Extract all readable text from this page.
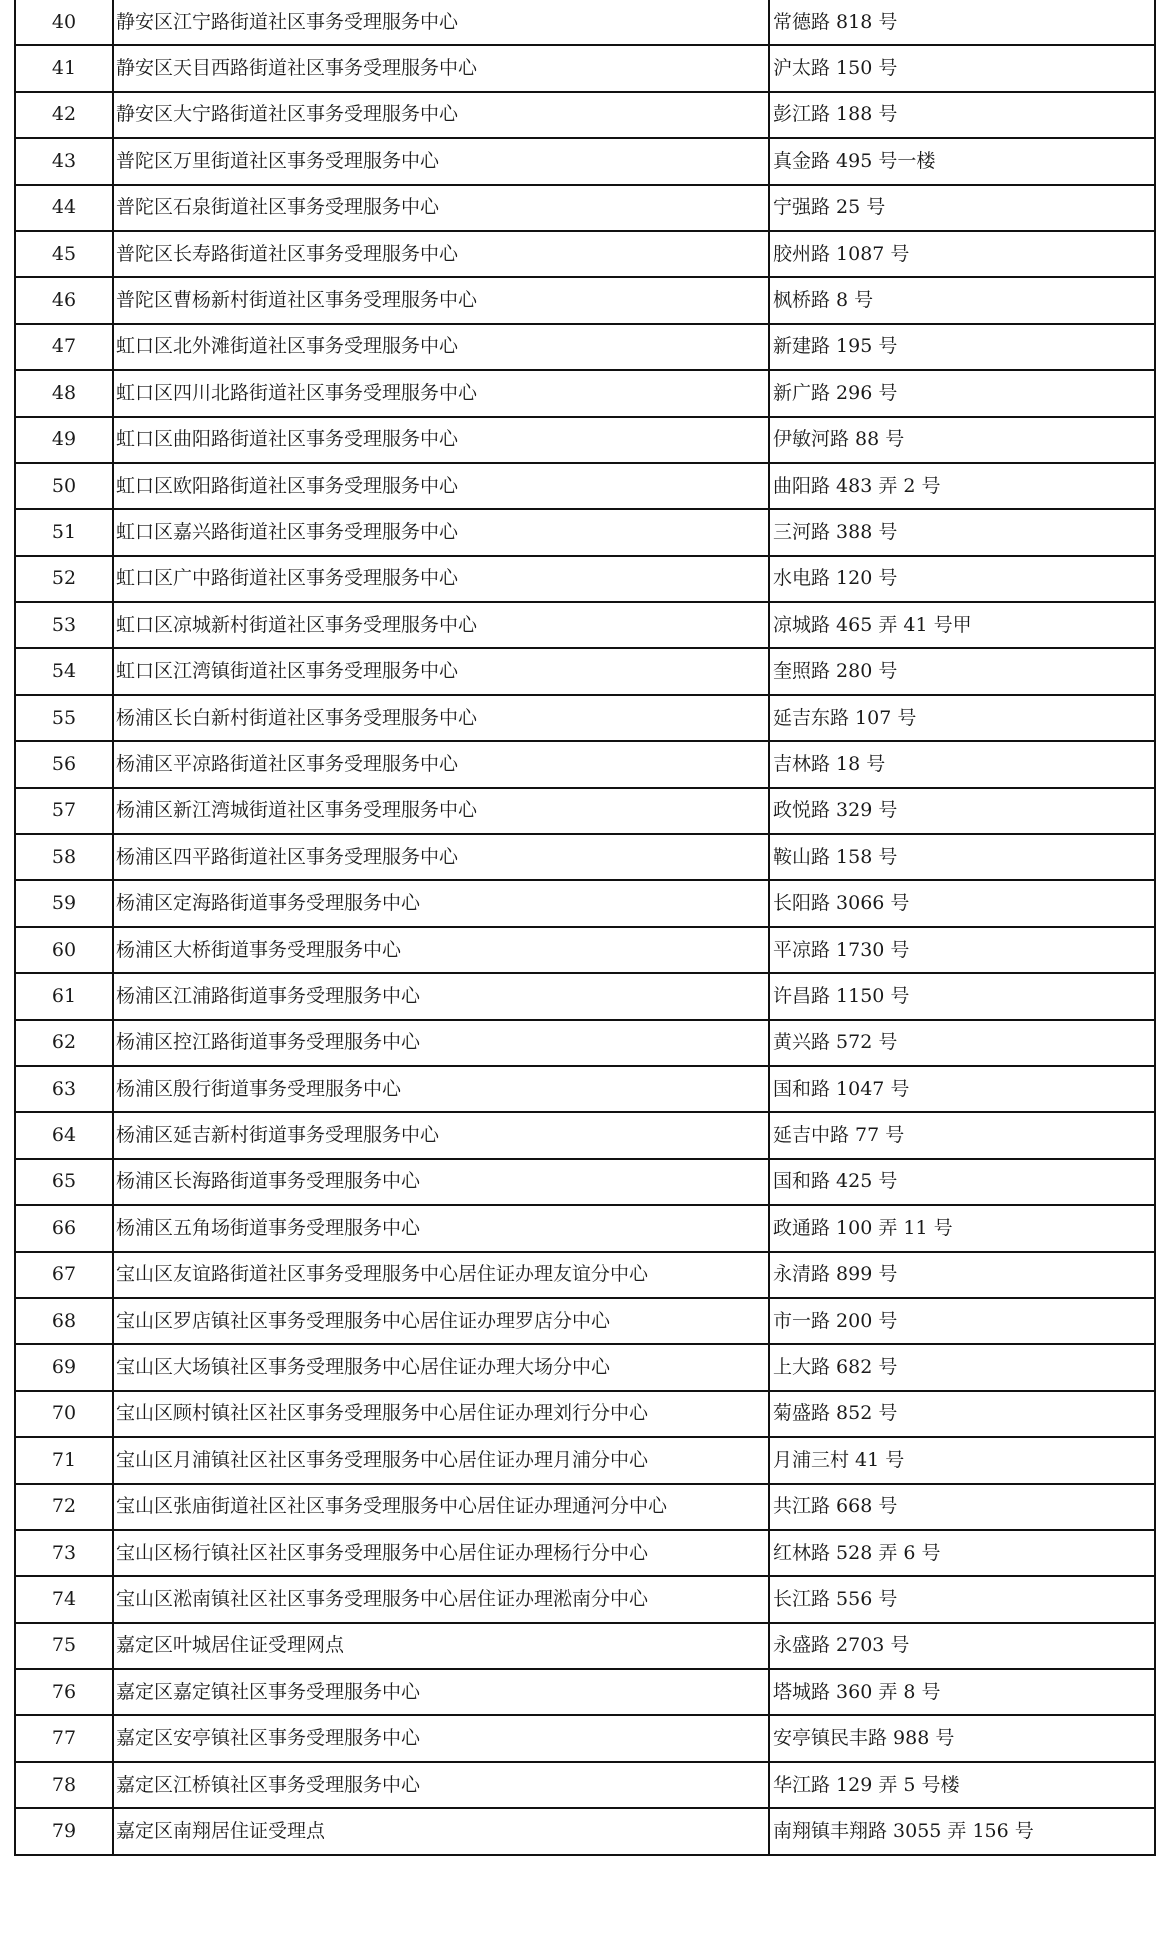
40	静安区江宁路街道社区事务受理服务中心	常德路 818 号
41	静安区天目西路街道社区事务受理服务中心	沪太路 150 号
42	静安区大宁路街道社区事务受理服务中心	彭江路 188 号
43	普陀区万里街道社区事务受理服务中心	真金路 495 号一楼
44	普陀区石泉街道社区事务受理服务中心	宁强路 25 号
45	普陀区长寿路街道社区事务受理服务中心	胶州路 1087 号
46	普陀区曹杨新村街道社区事务受理服务中心	枫桥路 8 号
47	虹口区北外滩街道社区事务受理服务中心	新建路 195 号
48	虹口区四川北路街道社区事务受理服务中心	新广路 296 号
49	虹口区曲阳路街道社区事务受理服务中心	伊敏河路 88 号
50	虹口区欧阳路街道社区事务受理服务中心	曲阳路 483 弄 2 号
51	虹口区嘉兴路街道社区事务受理服务中心	三河路 388 号
52	虹口区广中路街道社区事务受理服务中心	水电路 120 号
53	虹口区凉城新村街道社区事务受理服务中心	凉城路 465 弄 41 号甲
54	虹口区江湾镇街道社区事务受理服务中心	奎照路 280 号
55	杨浦区长白新村街道社区事务受理服务中心	延吉东路 107 号
56	杨浦区平凉路街道社区事务受理服务中心	吉林路 18 号
57	杨浦区新江湾城街道社区事务受理服务中心	政悦路 329 号
58	杨浦区四平路街道社区事务受理服务中心	鞍山路 158 号
59	杨浦区定海路街道事务受理服务中心	长阳路 3066 号
60	杨浦区大桥街道事务受理服务中心	平凉路 1730 号
61	杨浦区江浦路街道事务受理服务中心	许昌路 1150 号
62	杨浦区控江路街道事务受理服务中心	黄兴路 572 号
63	杨浦区殷行街道事务受理服务中心	国和路 1047 号
64	杨浦区延吉新村街道事务受理服务中心	延吉中路 77 号
65	杨浦区长海路街道事务受理服务中心	国和路 425 号
66	杨浦区五角场街道事务受理服务中心	政通路 100 弄 11 号
67	宝山区友谊路街道社区事务受理服务中心居住证办理友谊分中心	永清路 899 号
68	宝山区罗店镇社区事务受理服务中心居住证办理罗店分中心	市一路 200 号
69	宝山区大场镇社区事务受理服务中心居住证办理大场分中心	上大路 682 号
70	宝山区顾村镇社区社区事务受理服务中心居住证办理刘行分中心	菊盛路 852 号
71	宝山区月浦镇社区社区事务受理服务中心居住证办理月浦分中心	月浦三村 41 号
72	宝山区张庙街道社区社区事务受理服务中心居住证办理通河分中心	共江路 668 号
73	宝山区杨行镇社区社区事务受理服务中心居住证办理杨行分中心	红林路 528 弄 6 号
74	宝山区淞南镇社区社区事务受理服务中心居住证办理淞南分中心	长江路 556 号
75	嘉定区叶城居住证受理网点	永盛路 2703 号
76	嘉定区嘉定镇社区事务受理服务中心	塔城路 360 弄 8 号
77	嘉定区安亭镇社区事务受理服务中心	安亭镇民丰路 988 号
78	嘉定区江桥镇社区事务受理服务中心	华江路 129 弄 5 号楼
79	嘉定区南翔居住证受理点	南翔镇丰翔路 3055 弄 156 号
